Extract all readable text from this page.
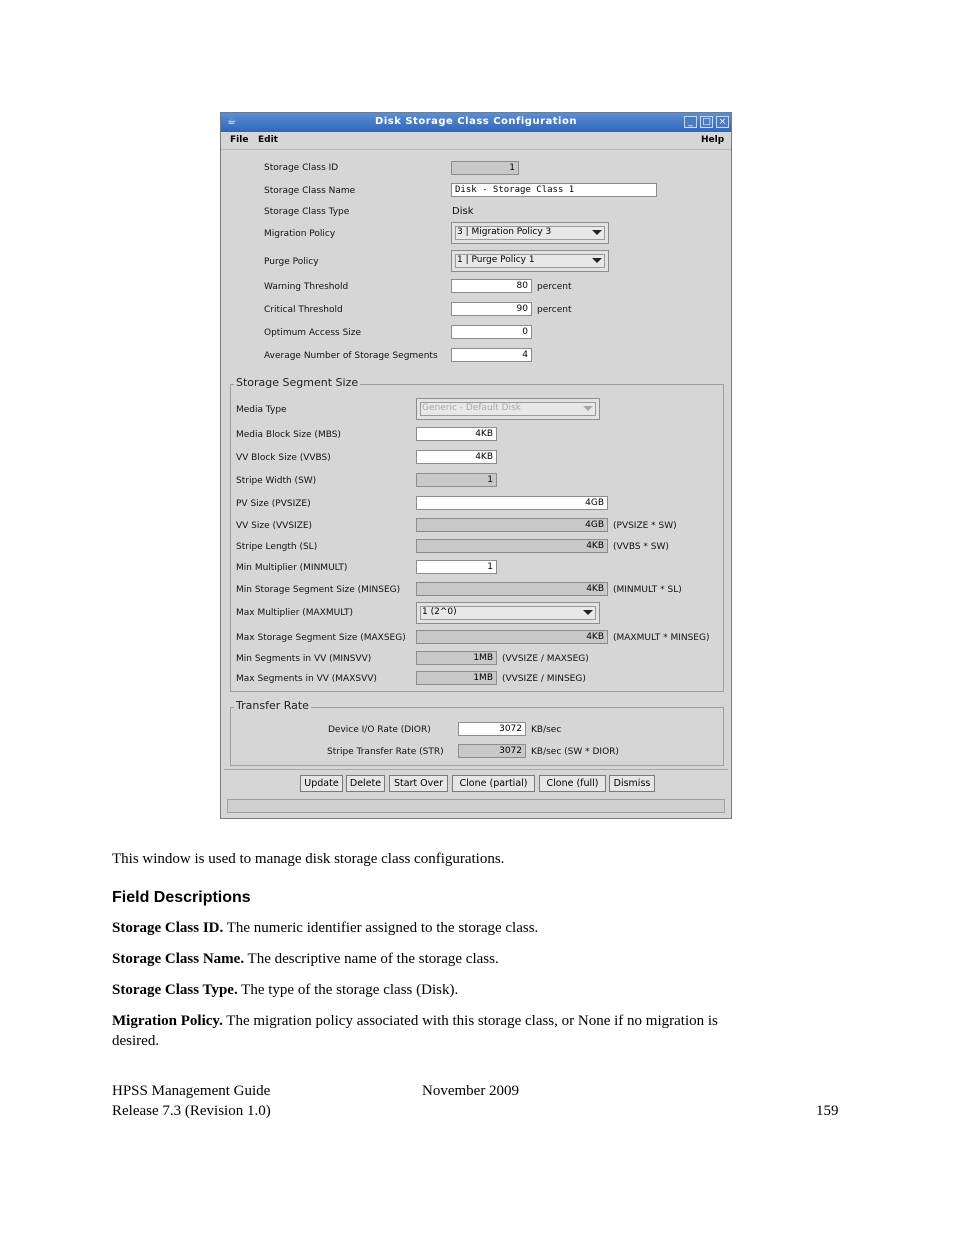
☕	Disk Storage Class Configuration	_	□ ×
File Edit	Help
Storage Class ID	1
Storage Class Name	Disk - Storage Class 1
Storage Class Type	Disk
Migration Policy	3 | Migration Policy 3
Purge Policy	1 | Purge Policy 1
Warning Threshold	80	percent
Critical Threshold	90	percent
Optimum Access Size	0
Average Number of Storage Segments	4
Storage Segment Size
Media Type	Generic - Default Disk
Media Block Size (MBS)	4KB
VV Block Size (VVBS)	4KB
Stripe Width (SW)	1
PV Size (PVSIZE)	4GB
VV Size (VVSIZE)	4GB	(PVSIZE * SW)
Stripe Length (SL)	4KB	(VVBS * SW)
Min Multiplier (MINMULT)	1
Min Storage Segment Size (MINSEG)	4KB	(MINMULT * SL)
Max Multiplier (MAXMULT)	1 (2^0)
Max Storage Segment Size (MAXSEG)	4KB	(MAXMULT * MINSEG)
Min Segments in VV (MINSVV)	1MB	(VVSIZE / MAXSEG)
Max Segments in VV (MAXSVV)	1MB	(VVSIZE / MINSEG)
Transfer Rate
Device I/O Rate (DIOR)	3072	KB/sec
Stripe Transfer Rate (STR)	3072	KB/sec (SW * DIOR)
Update	Delete	Start Over	Clone (partial)	Clone (full)	Dismiss
This window is used to manage disk storage class configurations.
Field Descriptions
Storage Class ID. The numeric identifier assigned to the storage class.
Storage Class Name. The descriptive name of the storage class.
Storage Class Type. The type of the storage class (Disk).
Migration Policy. The migration policy associated with this storage class, or None if no migration is
desired.
HPSS Management Guide	November 2009
Release 7.3 (Revision 1.0)	159
